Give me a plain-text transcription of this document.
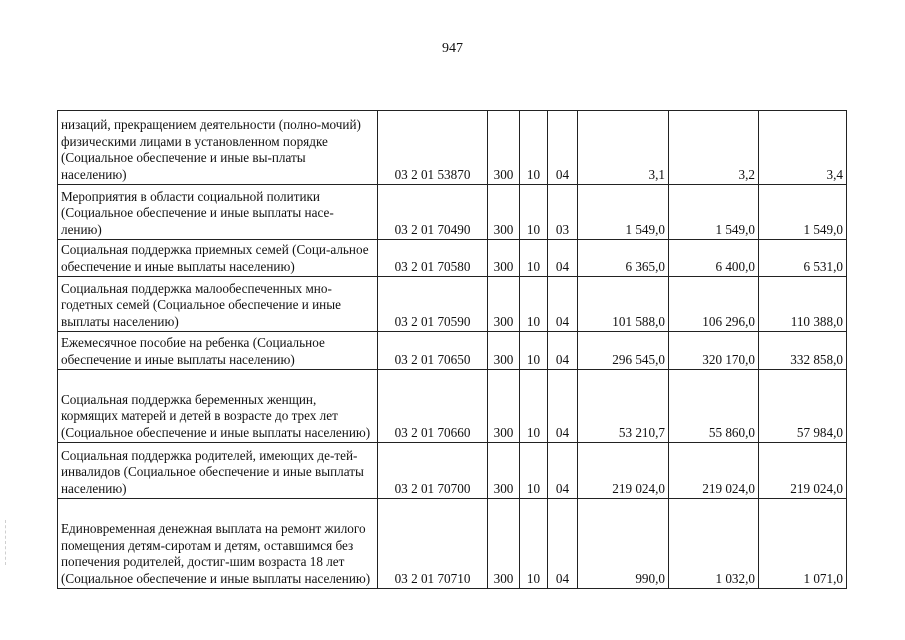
947
низаций, прекращением деятельности (полно-мочий) физическими лицами в установленном порядке (Социальное обеспечение и иные вы-платы населению)	03 2 01 53870	300	10	04	3,1	3,2	3,4
Мероприятия в области социальной политики (Социальное обеспечение и иные выплаты насе-лению)	03 2 01 70490	300	10	03	1 549,0	1 549,0	1 549,0
Социальная поддержка приемных семей (Соци-альное обеспечение и иные выплаты населению)	03 2 01 70580	300	10	04	6 365,0	6 400,0	6 531,0
Социальная поддержка малообеспеченных мно-годетных семей (Социальное обеспечение и иные выплаты населению)	03 2 01 70590	300	10	04	101 588,0	106 296,0	110 388,0
Ежемесячное пособие на ребенка (Социальное обеспечение и иные выплаты населению)	03 2 01 70650	300	10	04	296 545,0	320 170,0	332 858,0
Социальная поддержка беременных женщин, кормящих матерей и детей в возрасте до трех лет (Социальное обеспечение и иные выплаты населению)	03 2 01 70660	300	10	04	53 210,7	55 860,0	57 984,0
Социальная поддержка родителей, имеющих де-тей-инвалидов (Социальное обеспечение и иные выплаты населению)	03 2 01 70700	300	10	04	219 024,0	219 024,0	219 024,0
Единовременная денежная выплата на ремонт жилого помещения детям-сиротам и детям, оставшимся без попечения родителей, достиг-шим возраста 18 лет (Социальное обеспечение и иные выплаты населению)	03 2 01 70710	300	10	04	990,0	1 032,0	1 071,0
